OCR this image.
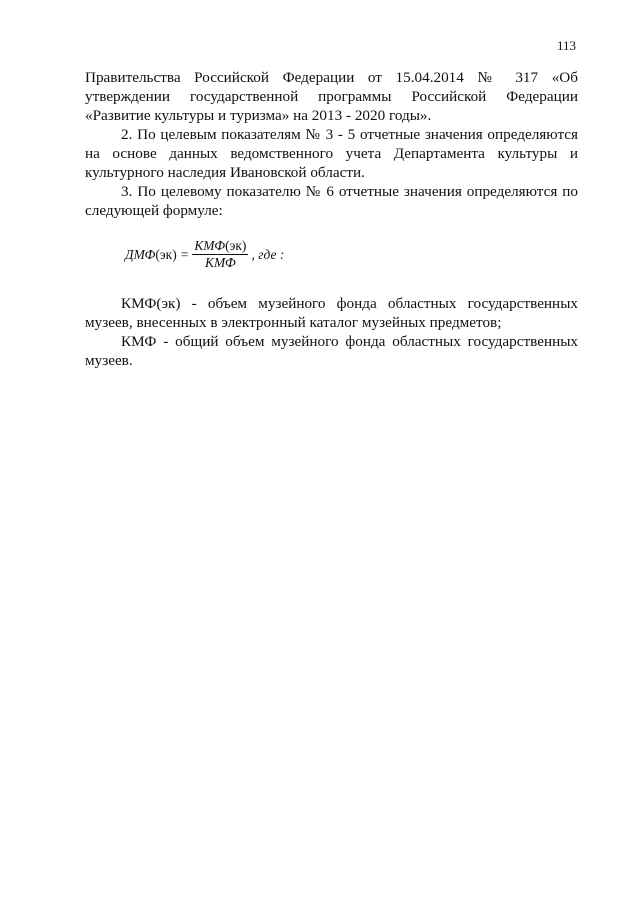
113

Правительства Российской Федерации от 15.04.2014 № 317 «Об утверждении государственной программы Российской Федерации «Развитие культуры и туризма» на 2013 - 2020 годы».

2. По целевым показателям № 3 - 5 отчетные значения определяются на основе данных ведомственного учета Департамента культуры и культурного наследия Ивановской области.

3. По целевому показателю № 6 отчетные значения определяются по следующей формуле:

$ДМФ(эк) = \frac{\text{КМФ(эк)}}{\text{КМФ}}$ , где :

КМФ(эк) - объем музейного фонда областных государственных музеев, внесенных в электронный каталог музейных предметов;

КМФ - общий объем музейного фонда областных государственных музеев.
